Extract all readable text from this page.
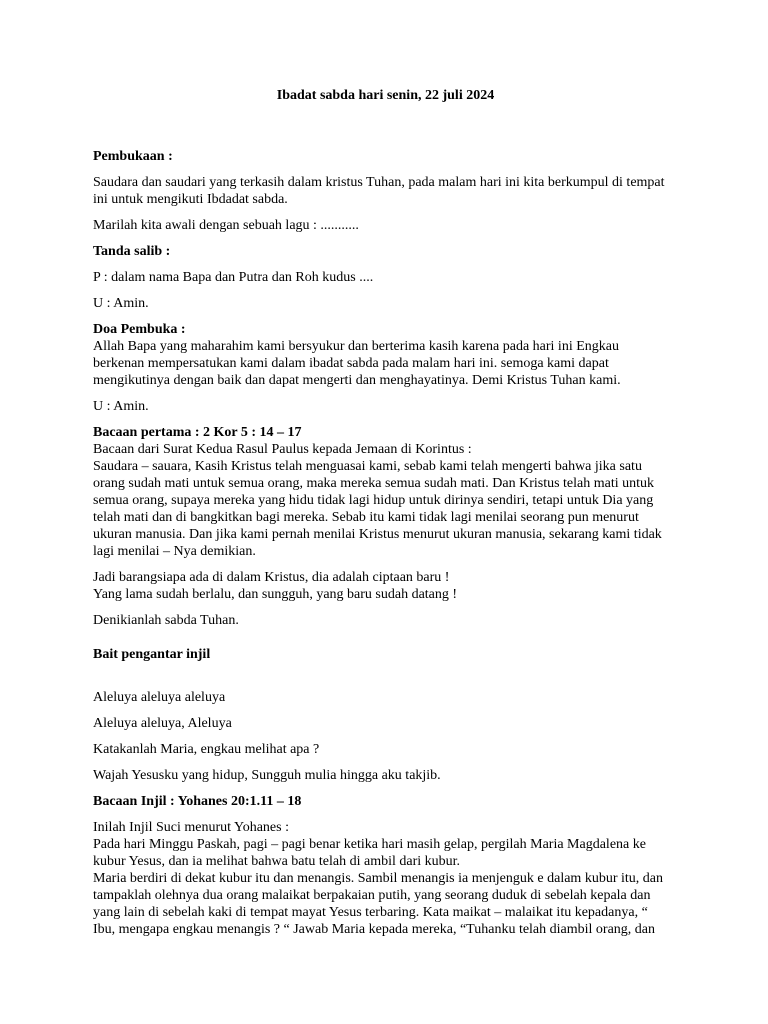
Ibadat sabda hari senin, 22 juli 2024

Pembukaan :

Saudara dan saudari yang terkasih dalam kristus Tuhan, pada malam hari ini kita berkumpul di tempat
ini untuk mengikuti Ibdadat sabda.

Marilah kita awali dengan sebuah lagu : ...........

Tanda salib :

P : dalam nama Bapa dan Putra dan Roh kudus ....

U : Amin.

Doa Pembuka :

Allah Bapa yang maharahim kami bersyukur dan berterima kasih karena pada hari ini Engkau
berkenan mempersatukan kami dalam ibadat sabda pada malam hari ini. semoga kami dapat
mengikutinya dengan baik dan dapat mengerti dan menghayatinya. Demi Kristus Tuhan kami.

U : Amin.

Bacaan pertama : 2 Kor 5 : 14 – 17

Bacaan dari Surat Kedua Rasul Paulus kepada Jemaan di Korintus :
Saudara – sauara, Kasih Kristus telah menguasai kami, sebab kami telah mengerti bahwa jika satu
orang sudah mati untuk semua orang, maka mereka semua sudah mati. Dan Kristus telah mati untuk
semua orang, supaya mereka yang hidu tidak lagi hidup untuk dirinya sendiri, tetapi untuk Dia yang
telah mati dan di bangkitkan bagi mereka. Sebab itu kami tidak lagi menilai seorang pun menurut
ukuran manusia. Dan jika kami pernah menilai Kristus menurut ukuran manusia, sekarang kami tidak
lagi menilai – Nya demikian.

Jadi barangsiapa ada di dalam Kristus, dia adalah ciptaan baru !
Yang lama sudah berlalu, dan sungguh, yang baru sudah datang !

Denikianlah sabda Tuhan.

Bait pengantar injil

Aleluya aleluya aleluya

Aleluya aleluya, Aleluya

Katakanlah Maria, engkau melihat apa ?

Wajah Yesusku yang hidup, Sungguh mulia hingga aku takjib.

Bacaan Injil : Yohanes 20:1.11 – 18

Inilah Injil Suci menurut Yohanes :
Pada hari Minggu Paskah, pagi – pagi benar ketika hari masih gelap, pergilah Maria Magdalena ke
kubur Yesus, dan ia melihat bahwa batu telah di ambil dari kubur.
Maria berdiri di dekat kubur itu dan menangis. Sambil menangis ia menjenguk e dalam kubur itu, dan
tampaklah olehnya dua orang malaikat berpakaian putih, yang seorang duduk di sebelah kepala dan
yang lain di sebelah kaki di tempat mayat Yesus terbaring. Kata maikat – malaikat itu kepadanya, “
Ibu, mengapa engkau menangis ? “ Jawab Maria kepada mereka, “Tuhanku telah diambil orang, dan
